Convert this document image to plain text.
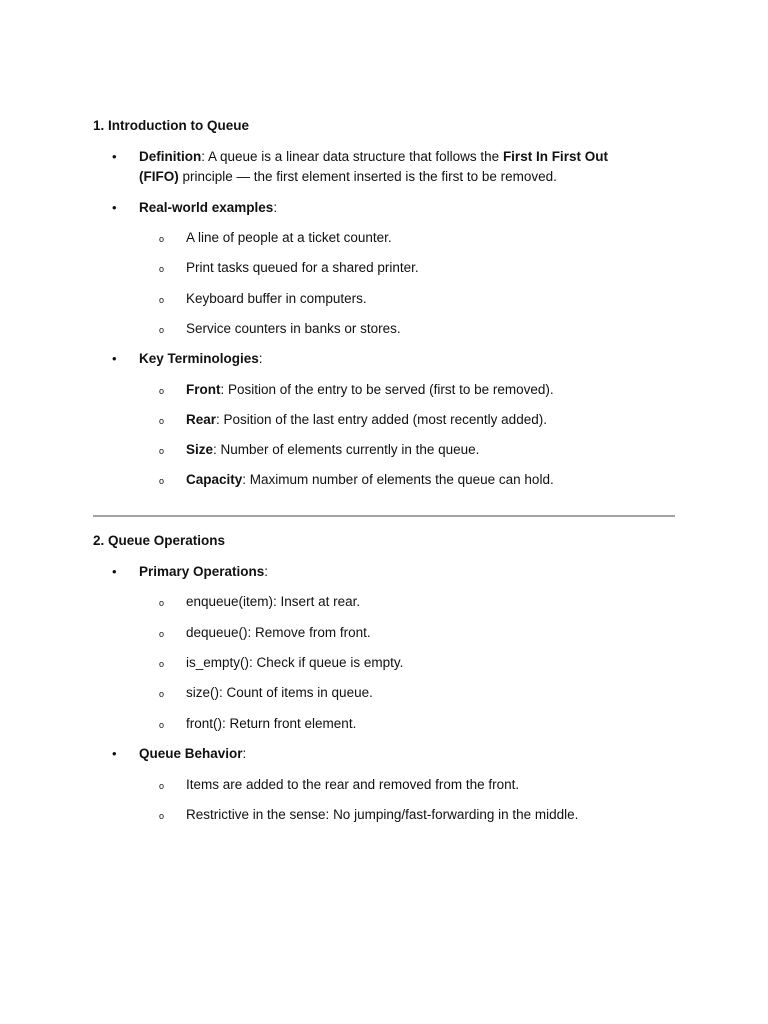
1. Introduction to Queue
• Definition: A queue is a linear data structure that follows the First In First Out
(FIFO) principle — the first element inserted is the first to be removed.
• Real-world examples:
o A line of people at a ticket counter.
o Print tasks queued for a shared printer.
o Keyboard buffer in computers.
o Service counters in banks or stores.
• Key Terminologies:
o Front: Position of the entry to be served (first to be removed).
o Rear: Position of the last entry added (most recently added).
o Size: Number of elements currently in the queue.
o Capacity: Maximum number of elements the queue can hold.
2. Queue Operations
• Primary Operations:
o enqueue(item): Insert at rear.
o dequeue(): Remove from front.
o is_empty(): Check if queue is empty.
o size(): Count of items in queue.
o front(): Return front element.
• Queue Behavior:
o Items are added to the rear and removed from the front.
o Restrictive in the sense: No jumping/fast-forwarding in the middle.
